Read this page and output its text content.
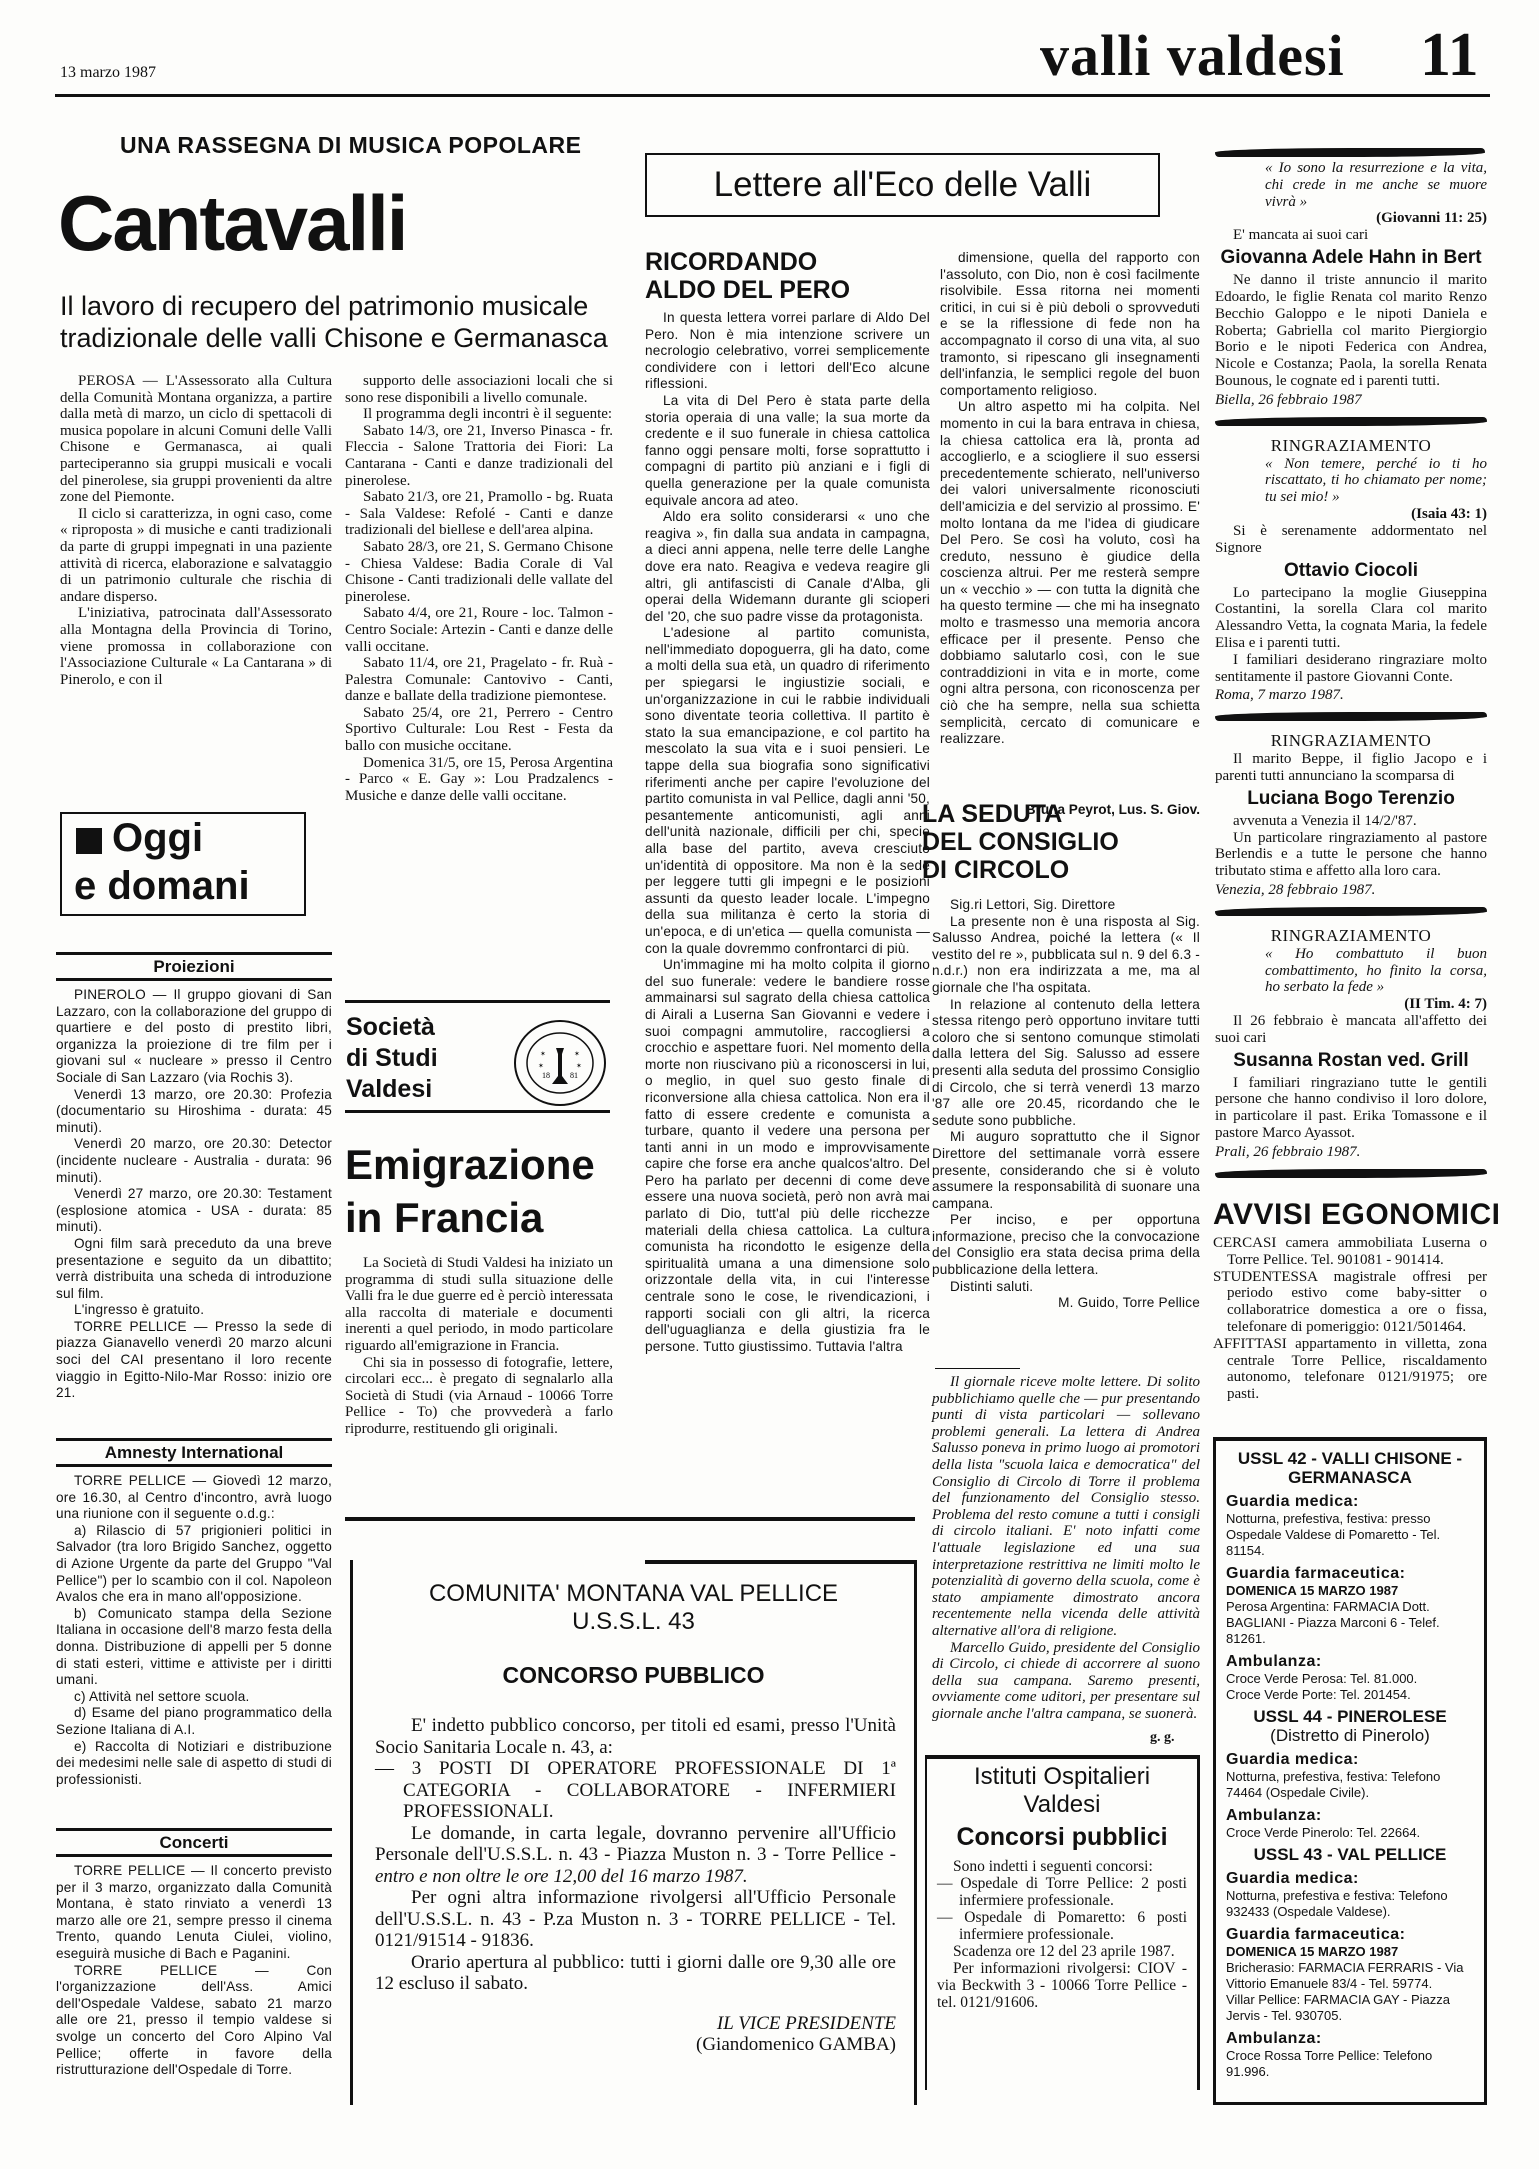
13 marzo 1987	valli valdesi 11
UNA RASSEGNA DI MUSICA POPOLARE
Cantavalli
Il lavoro di recupero del patrimonio musicale
tradizionale delle valli Chisone e Germanasca

PEROSA — L'Assessorato alla Cultura della Comunità Montana organizza, a partire dalla metà di marzo, un ciclo di spettacoli di musica popolare in alcuni Comuni delle Valli Chisone e Germanasca, ai quali parteciperanno sia gruppi musicali e vocali del pinerolese, sia gruppi provenienti da altre zone del Piemonte.

Il ciclo si caratterizza, in ogni caso, come « riproposta » di musiche e canti tradizionali da parte di gruppi impegnati in una paziente attività di ricerca, elaborazione e salvataggio di un patrimonio culturale che rischia di andare disperso.

L'iniziativa, patrocinata dall'Assessorato alla Montagna della Provincia di Torino, viene promossa in collaborazione con l'Associazione Culturale « La Cantarana » di Pinerolo, e con il

supporto delle associazioni locali che si sono rese disponibili a livello comunale.

Il programma degli incontri è il seguente:

Sabato 14/3, ore 21, Inverso Pinasca - fr. Fleccia - Salone Trattoria dei Fiori: La Cantarana - Canti e danze tradizionali del pinerolese.

Sabato 21/3, ore 21, Pramollo - bg. Ruata - Sala Valdese: Refolé - Canti e danze tradizionali del biellese e dell'area alpina.

Sabato 28/3, ore 21, S. Germano Chisone - Chiesa Valdese: Badia Corale di Val Chisone - Canti tradizionali delle vallate del pinerolese.

Sabato 4/4, ore 21, Roure - loc. Talmon - Centro Sociale: Artezin - Canti e danze delle valli occitane.

Sabato 11/4, ore 21, Pragelato - fr. Ruà - Palestra Comunale: Cantovivo - Canti, danze e ballate della tradizione piemontese.

Sabato 25/4, ore 21, Perrero - Centro Sportivo Culturale: Lou Rest - Festa da ballo con musiche occitane.

Domenica 31/5, ore 15, Perosa Argentina - Parco « E. Gay »: Lou Pradzalencs - Musiche e danze delle valli occitane.

Oggi
e domani
Proiezioni

PINEROLO — Il gruppo giovani di San Lazzaro, con la collaborazione del gruppo di quartiere e del posto di prestito libri, organizza la proiezione di tre film per i giovani sul « nucleare » presso il Centro Sociale di San Lazzaro (via Rochis 3).

Venerdì 13 marzo, ore 20.30: Profezia (documentario su Hiroshima - durata: 45 minuti).

Venerdì 20 marzo, ore 20.30: Detector (incidente nucleare - Australia - durata: 96 minuti).

Venerdì 27 marzo, ore 20.30: Testament (esplosione atomica - USA - durata: 85 minuti).

Ogni film sarà preceduto da una breve presentazione e seguito da un dibattito; verrà distribuita una scheda di introduzione sul film.

L'ingresso è gratuito.

TORRE PELLICE — Presso la sede di piazza Gianavello venerdì 20 marzo alcuni soci del CAI presentano il loro recente viaggio in Egitto-Nilo-Mar Rosso: inizio ore 21.

Amnesty International

TORRE PELLICE — Giovedì 12 marzo, ore 16.30, al Centro d'incontro, avrà luogo una riunione con il seguente o.d.g.:

a) Rilascio di 57 prigionieri politici in Salvador (tra loro Brigido Sanchez, oggetto di Azione Urgente da parte del Gruppo "Val Pellice") per lo scambio con il col. Napoleon Avalos che era in mano all'opposizione.

b) Comunicato stampa della Sezione Italiana in occasione dell'8 marzo festa della donna. Distribuzione di appelli per 5 donne di stati esteri, vittime e attiviste per i diritti umani.

c) Attività nel settore scuola.

d) Esame del piano programmatico della Sezione Italiana di A.I.

e) Raccolta di Notiziari e distribuzione dei medesimi nelle sale di aspetto di studi di professionisti.

Concerti

TORRE PELLICE — Il concerto previsto per il 3 marzo, organizzato dalla Comunità Montana, è stato rinviato a venerdì 13 marzo alle ore 21, sempre presso il cinema Trento, quando Lenuta Ciulei, violino, eseguirà musiche di Bach e Paganini.

TORRE PELLICE — Con l'organizzazione dell'Ass. Amici dell'Ospedale Valdese, sabato 21 marzo alle ore 21, presso il tempio valdese si svolge un concerto del Coro Alpino Val Pellice; offerte in favore della ristrutturazione dell'Ospedale di Torre.

Società
di Studi
Valdesi	18	81
✶	✶
✶	✶
Emigrazione
in Francia

La Società di Studi Valdesi ha iniziato un programma di studi sulla situazione delle Valli fra le due guerre ed è perciò interessata alla raccolta di materiale e documenti inerenti a quel periodo, in modo particolare riguardo all'emigrazione in Francia.

Chi sia in possesso di fotografie, lettere, circolari ecc... è pregato di segnalarlo alla Società di Studi (via Arnaud - 10066 Torre Pellice - To) che provvederà a farlo riprodurre, restituendo gli originali.

COMUNITA' MONTANA VAL PELLICE
U.S.S.L. 43
CONCORSO PUBBLICO

E' indetto pubblico concorso, per titoli ed esami, presso l'Unità Socio Sanitaria Locale n. 43, a:

— 3 POSTI DI OPERATORE PROFESSIONALE DI 1ª CATEGORIA - COLLABORATORE - INFERMIERI PROFESSIONALI.

Le domande, in carta legale, dovranno pervenire all'Ufficio Personale dell'U.S.S.L. n. 43 - Piazza Muston n. 3 - Torre Pellice - entro e non oltre le ore 12,00 del 16 marzo 1987.

Per ogni altra informazione rivolgersi all'Ufficio Personale dell'U.S.S.L. n. 43 - P.za Muston n. 3 - TORRE PELLICE - Tel. 0121/91514 - 91836.

Orario apertura al pubblico: tutti i giorni dalle ore 9,30 alle ore 12 escluso il sabato.

IL VICE PRESIDENTE

(Giandomenico GAMBA)

Lettere all'Eco delle Valli
RICORDANDO
ALDO DEL PERO

In questa lettera vorrei parlare di Aldo Del Pero. Non è mia intenzione scrivere un necrologio celebrativo, vorrei semplicemente condividere con i lettori dell'Eco alcune riflessioni.

La vita di Del Pero è stata parte della storia operaia di una valle; la sua morte da credente e il suo funerale in chiesa cattolica fanno oggi pensare molti, forse soprattutto i compagni di partito più anziani e i figli di quella generazione per la quale comunista equivale ancora ad ateo.

Aldo era solito considerarsi « uno che reagiva », fin dalla sua andata in campagna, a dieci anni appena, nelle terre delle Langhe dove era nato. Reagiva e vedeva reagire gli altri, gli antifascisti di Canale d'Alba, gli operai della Widemann durante gli scioperi del '20, che suo padre visse da protagonista.

L'adesione al partito comunista, nell'immediato dopoguerra, gli ha dato, come a molti della sua età, un quadro di riferimento per spiegarsi le ingiustizie sociali, e un'organizzazione in cui le rabbie individuali sono diventate teoria collettiva. Il partito è stato la sua emancipazione, e col partito ha mescolato la sua vita e i suoi pensieri. Le tappe della sua biografia sono significativi riferimenti anche per capire l'evoluzione del partito comunista in val Pellice, dagli anni '50, pesantemente anticomunisti, agli anni dell'unità nazionale, difficili per chi, specie alla base del partito, aveva cresciuto un'identità di oppositore. Ma non è la sede per leggere tutti gli impegni e le posizioni assunti da questo leader locale. L'impegno della sua militanza è certo la storia di un'epoca, e di un'etica — quella comunista — con la quale dovremmo confrontarci di più.

Un'immagine mi ha molto colpita il giorno del suo funerale: vedere le bandiere rosse ammainarsi sul sagrato della chiesa cattolica di Airali a Luserna San Giovanni e vedere i suoi compagni ammutolire, raccogliersi a crocchio e aspettare fuori. Nel momento della morte non riuscivano più a riconoscersi in lui, o meglio, in quel suo gesto finale di riconversione alla chiesa cattolica. Non era il fatto di essere credente e comunista a turbare, quanto il vedere una persona per tanti anni in un modo e improvvisamente capire che forse era anche qualcos'altro. Del Pero ha parlato per decenni di come deve essere una nuova società, però non avrà mai parlato di Dio, tutt'al più delle ricchezze materiali della chiesa cattolica. La cultura comunista ha ricondotto le esigenze della spiritualità umana a una dimensione solo orizzontale della vita, in cui l'interesse centrale sono le cose, le rivendicazioni, i rapporti sociali con gli altri, la ricerca dell'uguaglianza e della giustizia fra le persone. Tutto giustissimo. Tuttavia l'altra

dimensione, quella del rapporto con l'assoluto, con Dio, non è così facilmente risolvibile. Essa ritorna nei momenti critici, in cui si è più deboli o sprovveduti e se la riflessione di fede non ha accompagnato il corso di una vita, al suo tramonto, si ripescano gli insegnamenti dell'infanzia, le semplici regole del buon comportamento religioso.

Un altro aspetto mi ha colpita. Nel momento in cui la bara entrava in chiesa, la chiesa cattolica era là, pronta ad accoglierlo, e a sciogliere il suo essersi precedentemente schierato, nell'universo dei valori universalmente riconosciuti dell'amicizia e del servizio al prossimo. E' molto lontana da me l'idea di giudicare Del Pero. Se così ha voluto, così ha creduto, nessuno è giudice della coscienza altrui. Per me resterà sempre un « vecchio » — con tutta la dignità che ha questo termine — che mi ha insegnato molto e trasmesso una memoria ancora efficace per il presente. Penso che dobbiamo salutarlo così, con le sue contraddizioni in vita e in morte, come ogni altra persona, con riconoscenza per ciò che ha sempre, nella sua schietta semplicità, cercato di comunicare e realizzare.

Bruna Peyrot, Lus. S. Giov.
LA SEDUTA
DEL CONSIGLIO
DI CIRCOLO

Sig.ri Lettori, Sig. Direttore

La presente non è una risposta al Sig. Salusso Andrea, poiché la lettera (« Il vestito del re », pubblicata sul n. 9 del 6.3 - n.d.r.) non era indirizzata a me, ma al giornale che l'ha ospitata.

In relazione al contenuto della lettera stessa ritengo però opportuno invitare tutti coloro che si sentono comunque stimolati dalla lettera del Sig. Salusso ad essere presenti alla seduta del prossimo Consiglio di Circolo, che si terrà venerdì 13 marzo '87 alle ore 20.45, ricordando che le sedute sono pubbliche.

Mi auguro soprattutto che il Signor Direttore del settimanale vorrà essere presente, considerando che si è voluto assumere la responsabilità di suonare una campana.

Per inciso, e per opportuna informazione, preciso che la convocazione del Consiglio era stata decisa prima della pubblicazione della lettera.

Distinti saluti.

M. Guido, Torre Pellice

Il giornale riceve molte lettere. Di solito pubblichiamo quelle che — pur presentando punti di vista particolari — sollevano problemi generali. La lettera di Andrea Salusso poneva in primo luogo ai promotori della lista "scuola laica e democratica" del Consiglio di Circolo di Torre il problema del funzionamento del Consiglio stesso. Problema del resto comune a tutti i consigli di circolo italiani. E' noto infatti come l'attuale legislazione ed una sua interpretazione restrittiva ne limiti molto le potenzialità di governo della scuola, come è stato ampiamente dimostrato ancora recentemente nella vicenda delle attività alternative all'ora di religione.

Marcello Guido, presidente del Consiglio di Circolo, ci chiede di accorrere al suono della sua campana. Saremo presenti, ovviamente come uditori, per presentare sul giornale anche l'altra campana, se suonerà.

g. g.
Istituti Ospitalieri
Valdesi
Concorsi pubblici

Sono indetti i seguenti concorsi:

— Ospedale di Torre Pellice: 2 posti infermiere professionale.

— Ospedale di Pomaretto: 6 posti infermiere professionale.

Scadenza ore 12 del 23 aprile 1987.

Per informazioni rivolgersi: CIOV - via Beckwith 3 - 10066 Torre Pellice - tel. 0121/91606.

« Io sono la resurrezione e la vita, chi crede in me anche se muore vivrà »
(Giovanni 11: 25)

E' mancata ai suoi cari

Giovanna Adele Hahn in Bert

Ne danno il triste annuncio il marito Edoardo, le figlie Renata col marito Renzo Becchio Galoppo e le nipoti Daniela e Roberta; Gabriella col marito Piergiorgio Borio e le nipoti Federica con Andrea, Nicole e Costanza; Paola, la sorella Renata Bounous, le cognate ed i parenti tutti.

Biella, 26 febbraio 1987

RINGRAZIAMENTO
« Non temere, perché io ti ho riscattato, ti ho chiamato per nome; tu sei mio! »
(Isaia 43: 1)

Si è serenamente addormentato nel Signore

Ottavio Ciocoli

Lo partecipano la moglie Giuseppina Costantini, la sorella Clara col marito Alessandro Vetta, la cognata Maria, la fedele Elisa e i parenti tutti.

I familiari desiderano ringraziare molto sentitamente il pastore Giovanni Conte.

Roma, 7 marzo 1987.

RINGRAZIAMENTO

Il marito Beppe, il figlio Jacopo e i parenti tutti annunciano la scomparsa di

Luciana Bogo Terenzio

avvenuta a Venezia il 14/2/'87.

Un particolare ringraziamento al pastore Berlendis e a tutte le persone che hanno tributato stima e affetto alla loro cara.

Venezia, 28 febbraio 1987.

RINGRAZIAMENTO
« Ho combattuto il buon combattimento, ho finito la corsa, ho serbato la fede »
(II Tim. 4: 7)

Il 26 febbraio è mancata all'affetto dei suoi cari

Susanna Rostan ved. Grill

I familiari ringraziano tutte le gentili persone che hanno condiviso il loro dolore, in particolare il past. Erika Tomassone e il pastore Marco Ayassot.

Prali, 26 febbraio 1987.

AVVISI EGONOMICI

CERCASI camera ammobiliata Luserna o Torre Pellice. Tel. 901081 - 901414.

STUDENTESSA magistrale offresi per periodo estivo come baby-sitter o collaboratrice domestica a ore o fissa, telefonare di pomeriggio: 0121/501464.

AFFITTASI appartamento in villetta, zona centrale Torre Pellice, riscaldamento autonomo, telefonare 0121/91975; ore pasti.

USSL 42 - VALLI CHISONE - GERMANASCA
Guardia medica:

Notturna, prefestiva, festiva: presso Ospedale Valdese di Pomaretto - Tel. 81154.

Guardia farmaceutica:

DOMENICA 15 MARZO 1987

Perosa Argentina: FARMACIA Dott. BAGLIANI - Piazza Marconi 6 - Telef. 81261.

Ambulanza:

Croce Verde Perosa: Tel. 81.000.

Croce Verde Porte: Tel. 201454.

USSL 44 - PINEROLESE
(Distretto di Pinerolo)
Guardia medica:

Notturna, prefestiva, festiva: Telefono 74464 (Ospedale Civile).

Ambulanza:

Croce Verde Pinerolo: Tel. 22664.

USSL 43 - VAL PELLICE
Guardia medica:

Notturna, prefestiva e festiva: Telefono 932433 (Ospedale Valdese).

Guardia farmaceutica:

DOMENICA 15 MARZO 1987

Bricherasio: FARMACIA FERRARIS - Via Vittorio Emanuele 83/4 - Tel. 59774.

Villar Pellice: FARMACIA GAY - Piazza Jervis - Tel. 930705.

Ambulanza:

Croce Rossa Torre Pellice: Telefono 91.996.
